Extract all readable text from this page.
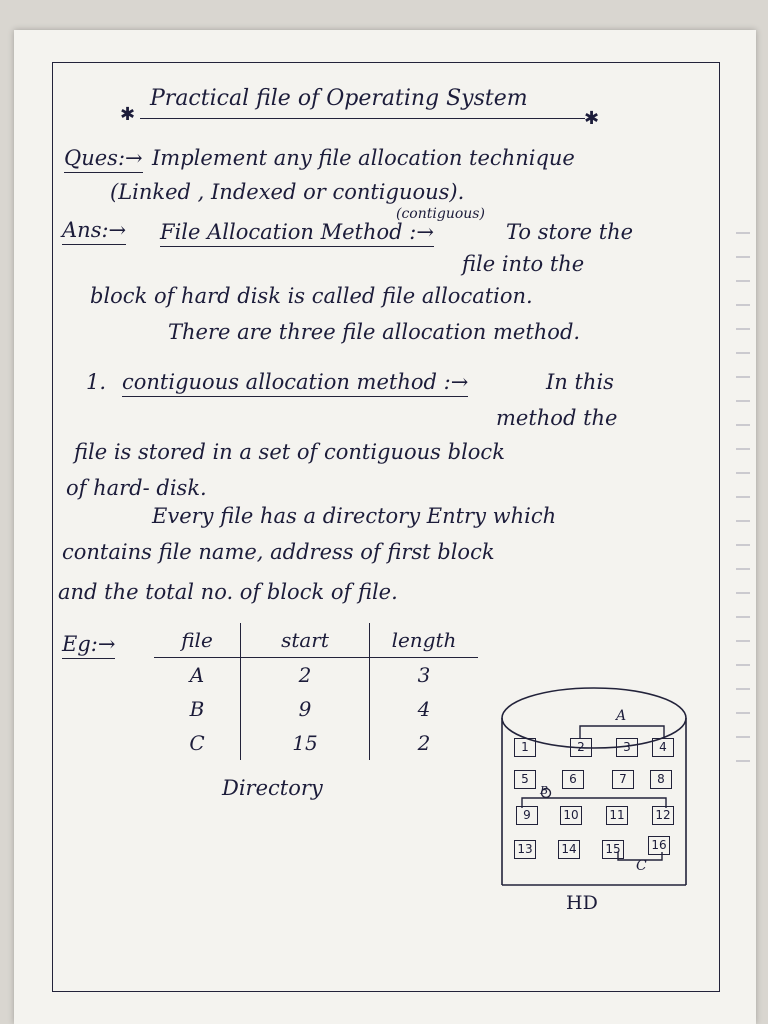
Practical file of Operating System
✱	✱
Ques:→ Implement any file allocation technique
(Linked , Indexed or contiguous).
Ans:→
(contiguous)
File Allocation Method :→	To store the
file into the
block of hard disk is called file allocation.
There are three file allocation method.
1. contiguous allocation method :→	In this
method the
file is stored in a set of contiguous block
of hard- disk.
Every file has a directory Entry which
contains file name, address of first block
and the total no. of block of file.
Eg:→	file	start	length
A	2	3
B	9	4
C	15	2
Directory
A
B
C
1	2	3	4
5	6	7	8
9	10	11	12
13 14 15	16
HD
